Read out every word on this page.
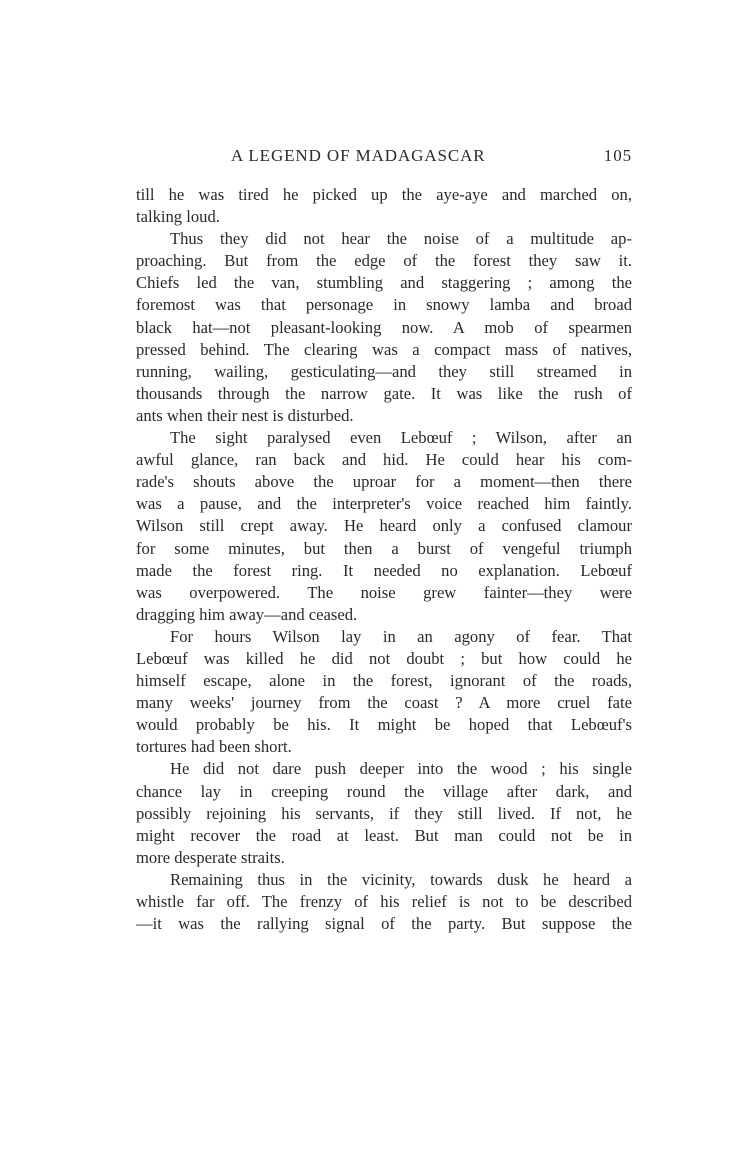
A LEGEND OF MADAGASCAR	105
till he was tired he picked up the aye-aye and marched on,
talking loud.
Thus they did not hear the noise of a multitude ap-
proaching. But from the edge of the forest they saw it.
Chiefs led the van, stumbling and staggering ; among the
foremost was that personage in snowy lamba and broad
black hat—not pleasant-looking now. A mob of spearmen
pressed behind. The clearing was a compact mass of natives,
running, wailing, gesticulating—and they still streamed in
thousands through the narrow gate. It was like the rush of
ants when their nest is disturbed.
The sight paralysed even Lebœuf ; Wilson, after an
awful glance, ran back and hid. He could hear his com-
rade's shouts above the uproar for a moment—then there
was a pause, and the interpreter's voice reached him faintly.
Wilson still crept away. He heard only a confused clamour
for some minutes, but then a burst of vengeful triumph
made the forest ring. It needed no explanation. Lebœuf
was overpowered. The noise grew fainter—they were
dragging him away—and ceased.
For hours Wilson lay in an agony of fear. That
Lebœuf was killed he did not doubt ; but how could he
himself escape, alone in the forest, ignorant of the roads,
many weeks' journey from the coast ? A more cruel fate
would probably be his. It might be hoped that Lebœuf's
tortures had been short.
He did not dare push deeper into the wood ; his single
chance lay in creeping round the village after dark, and
possibly rejoining his servants, if they still lived. If not, he
might recover the road at least. But man could not be in
more desperate straits.
Remaining thus in the vicinity, towards dusk he heard a
whistle far off. The frenzy of his relief is not to be described
—it was the rallying signal of the party. But suppose the
